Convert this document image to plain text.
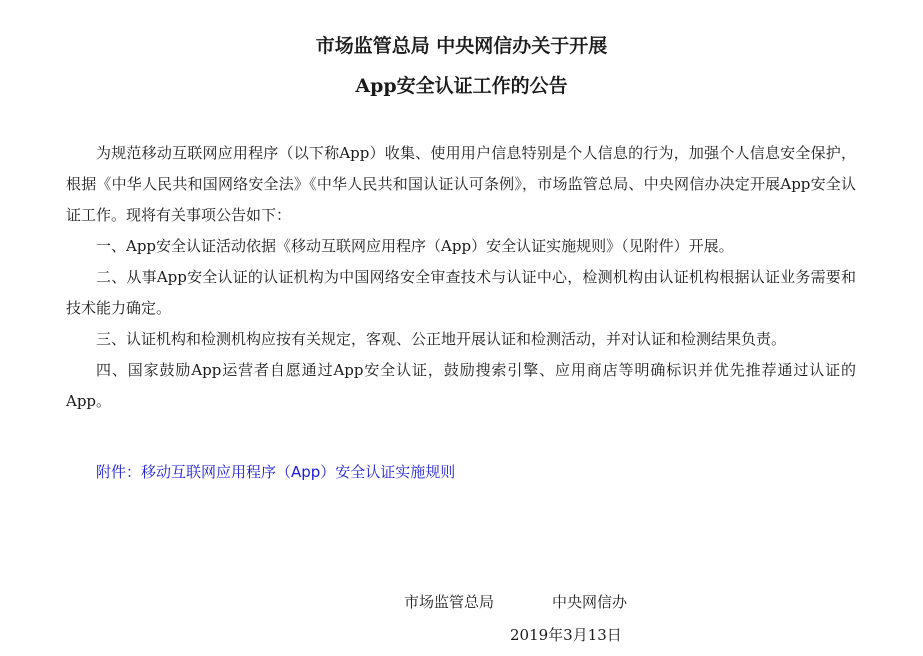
市场监管总局 中央网信办关于开展
App安全认证工作的公告

为规范移动互联网应用程序（以下称App）收集、使用用户信息特别是个人信息的行为，加强个人信息安全保护，根据《中华人民共和国网络安全法》《中华人民共和国认证认可条例》，市场监管总局、中央网信办决定开展App安全认证工作。现将有关事项公告如下：

一、App安全认证活动依据《移动互联网应用程序（App）安全认证实施规则》（见附件）开展。

二、从事App安全认证的认证机构为中国网络安全审查技术与认证中心，检测机构由认证机构根据认证业务需要和技术能力确定。

三、认证机构和检测机构应按有关规定，客观、公正地开展认证和检测活动，并对认证和检测结果负责。

四、国家鼓励App运营者自愿通过App安全认证，鼓励搜索引擎、应用商店等明确标识并优先推荐通过认证的App。

附件：移动互联网应用程序（App）安全认证实施规则
市场监管总局	中央网信办
2019年3月13日
